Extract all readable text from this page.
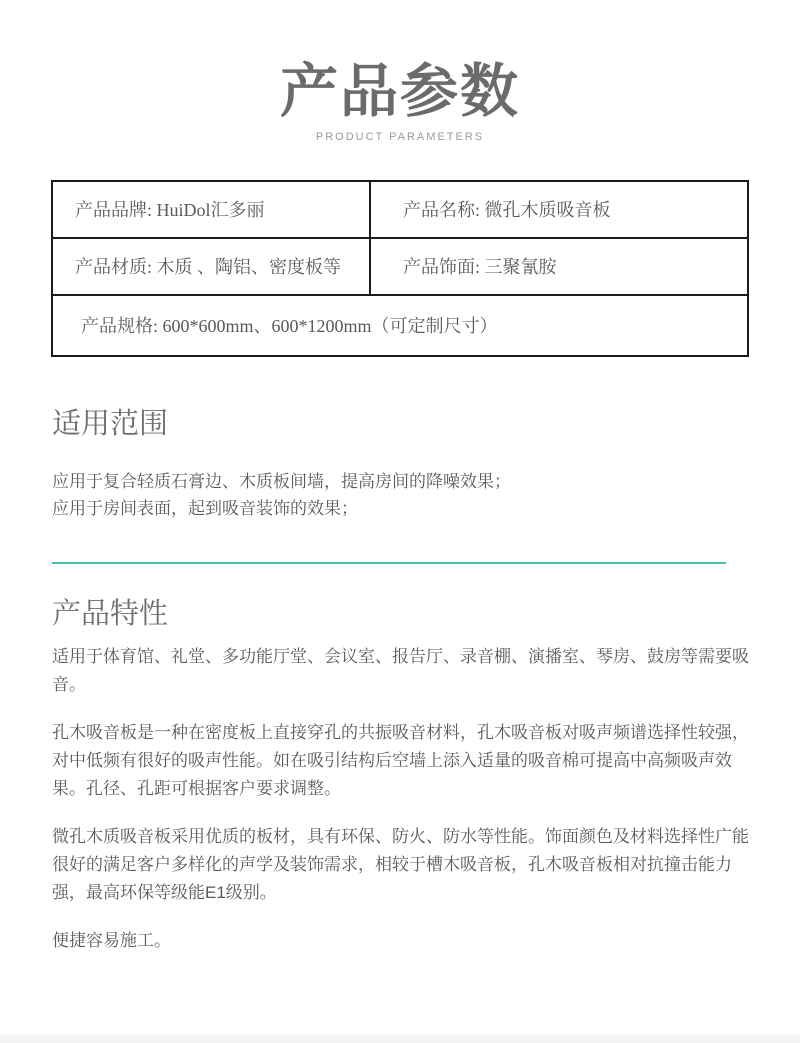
产品参数
PRODUCT PARAMETERS
产品品牌: HuiDol汇多丽	产品名称: 微孔木质吸音板
产品材质: 木质 、陶铝、密度板等	产品饰面: 三聚氰胺
产品规格: 600*600mm、600*1200mm（可定制尺寸）	
适用范围
应用于复合轻质石膏边、木质板间墙，提高房间的降噪效果；
应用于房间表面，起到吸音装饰的效果；
产品特性

适用于体育馆、礼堂、多功能厅堂、会议室、报告厅、录音棚、演播室、琴房、鼓房等需要吸音。

孔木吸音板是一种在密度板上直接穿孔的共振吸音材料，孔木吸音板对吸声频谱选择性较强，对中低频有很好的吸声性能。如在吸引结构后空墙上添入适量的吸音棉可提高中高频吸声效果。孔径、孔距可根据客户要求调整。

微孔木质吸音板采用优质的板材，具有环保、防火、防水等性能。饰面颜色及材料选择性广能很好的满足客户多样化的声学及装饰需求，相较于槽木吸音板，孔木吸音板相对抗撞击能力强，最高环保等级能E1级别。

便捷容易施工。
